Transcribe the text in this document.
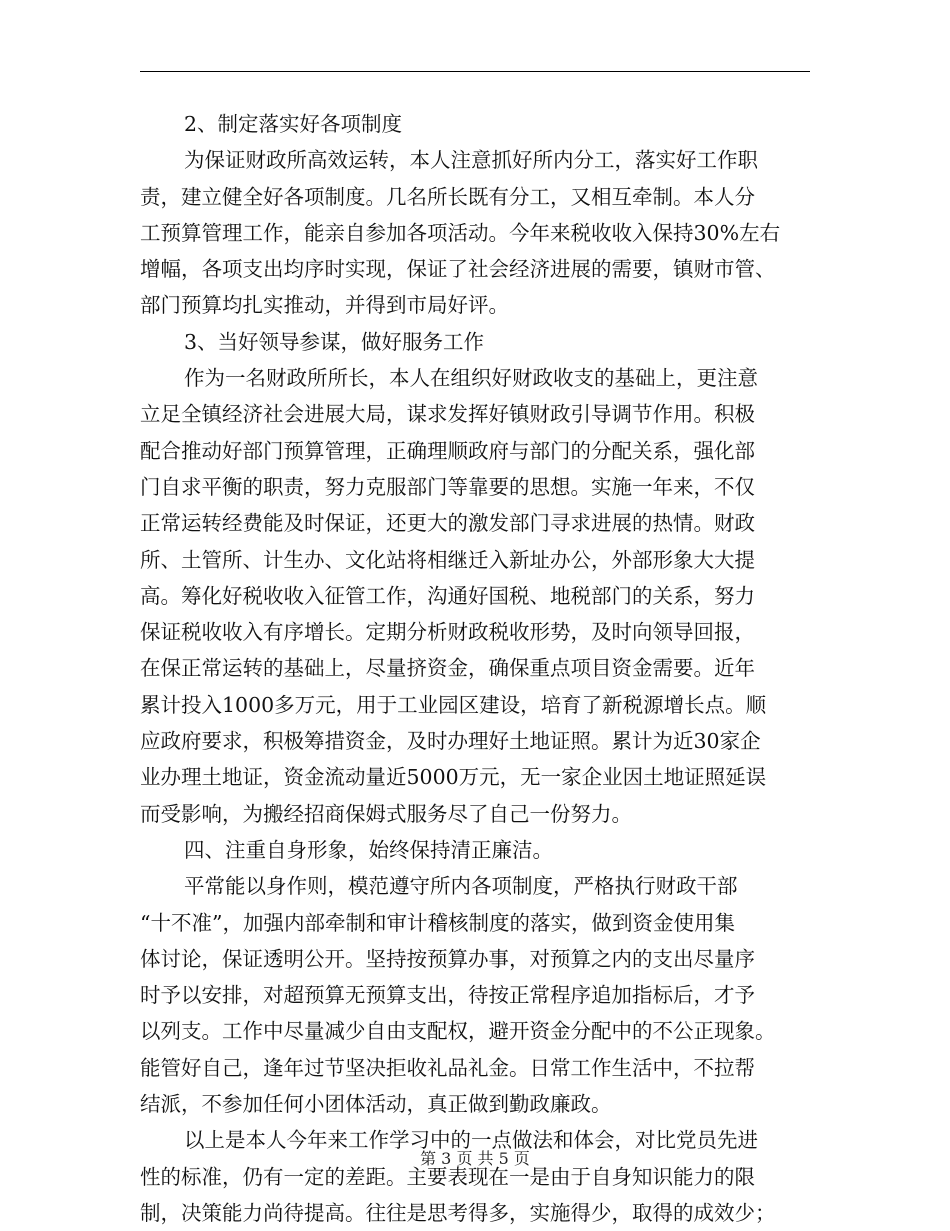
2、制定落实好各项制度
为保证财政所高效运转，本人注意抓好所内分工，落实好工作职
责，建立健全好各项制度。几名所长既有分工，又相互牵制。本人分
工预算管理工作，能亲自参加各项活动。今年来税收收入保持30%左右
增幅，各项支出均序时实现，保证了社会经济进展的需要，镇财市管、
部门预算均扎实推动，并得到市局好评。
3、当好领导参谋，做好服务工作
作为一名财政所所长，本人在组织好财政收支的基础上，更注意
立足全镇经济社会进展大局，谋求发挥好镇财政引导调节作用。积极
配合推动好部门预算管理，正确理顺政府与部门的分配关系，强化部
门自求平衡的职责，努力克服部门等靠要的思想。实施一年来，不仅
正常运转经费能及时保证，还更大的激发部门寻求进展的热情。财政
所、土管所、计生办、文化站将相继迁入新址办公，外部形象大大提
高。筹化好税收收入征管工作，沟通好国税、地税部门的关系，努力
保证税收收入有序增长。定期分析财政税收形势，及时向领导回报，
在保正常运转的基础上，尽量挤资金，确保重点项目资金需要。近年
累计投入1000多万元，用于工业园区建设，培育了新税源增长点。顺
应政府要求，积极筹措资金，及时办理好土地证照。累计为近30家企
业办理土地证，资金流动量近5000万元，无一家企业因土地证照延误
而受影响，为搬经招商保姆式服务尽了自己一份努力。
四、注重自身形象，始终保持清正廉洁。
平常能以身作则，模范遵守所内各项制度，严格执行财政干部
“十不准”，加强内部牵制和审计稽核制度的落实，做到资金使用集
体讨论，保证透明公开。坚持按预算办事，对预算之内的支出尽量序
时予以安排，对超预算无预算支出，待按正常程序追加指标后，才予
以列支。工作中尽量减少自由支配权，避开资金分配中的不公正现象。
能管好自己，逢年过节坚决拒收礼品礼金。日常工作生活中，不拉帮
结派，不参加任何小团体活动，真正做到勤政廉政。
以上是本人今年来工作学习中的一点做法和体会，对比党员先进
性的标准，仍有一定的差距。主要表现在一是由于自身知识能力的限
制，决策能力尚待提高。往往是思考得多，实施得少，取得的成效少；
第 3 页 共 5 页
